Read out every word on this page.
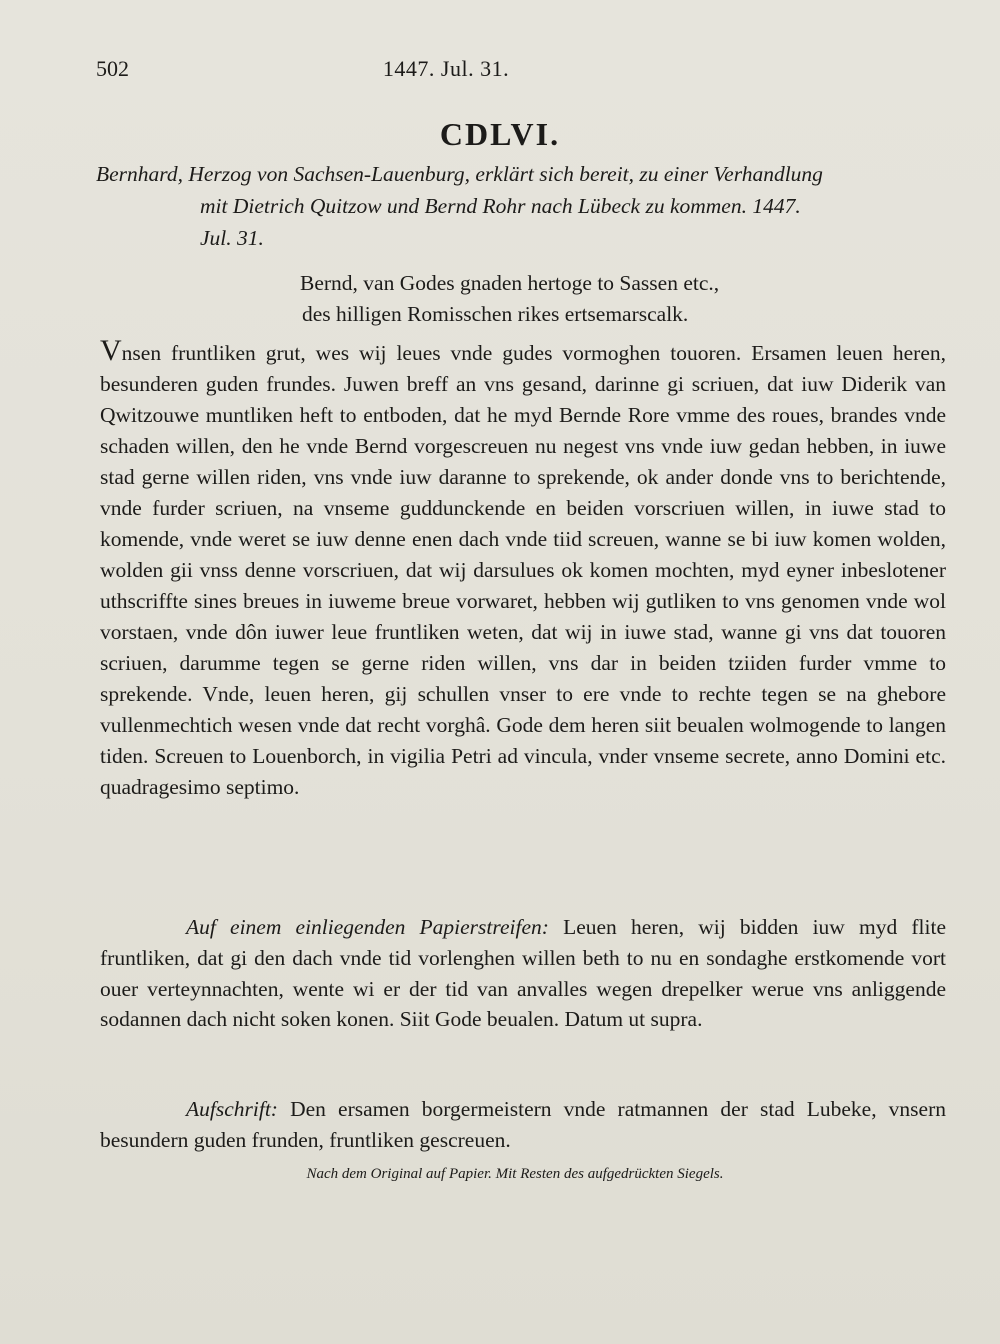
502	1447. Jul. 31.
CDLVI.
Bernhard, Herzog von Sachsen-Lauenburg, erklärt sich bereit, zu einer Verhandlung
mit Dietrich Quitzow und Bernd Rohr nach Lübeck zu kommen. 1447.
Jul. 31.
Bernd, van Godes gnaden hertoge to Sassen etc.,
des hilligen Romisschen rikes ertsemarscalk.
Vnsen fruntliken grut, wes wij leues vnde gudes vormoghen touoren. Ersamen leuen heren, besunderen guden frundes. Juwen breff an vns gesand, darinne gi scriuen, dat iuw Diderik van Qwitzouwe muntliken heft to entboden, dat he myd Bernde Rore vmme des roues, brandes vnde schaden willen, den he vnde Bernd vorgescreuen nu negest vns vnde iuw gedan hebben, in iuwe stad gerne willen riden, vns vnde iuw daranne to sprekende, ok ander donde vns to berichtende, vnde furder scriuen, na vnseme guddunckende en beiden vorscriuen willen, in iuwe stad to komende, vnde weret se iuw denne enen dach vnde tiid screuen, wanne se bi iuw komen wolden, wolden gii vnss denne vorscriuen, dat wij darsulues ok komen mochten, myd eyner inbeslotener uthscriffte sines breues in iuweme breue vorwaret, hebben wij gutliken to vns genomen vnde wol vorstaen, vnde dôn iuwer leue fruntliken weten, dat wij in iuwe stad, wanne gi vns dat touoren scriuen, darumme tegen se gerne riden willen, vns dar in beiden tziiden furder vmme to sprekende. Vnde, leuen heren, gij schullen vnser to ere vnde to rechte tegen se na ghebore vullenmechtich wesen vnde dat recht vorghâ. Gode dem heren siit beualen wolmogende to langen tiden. Screuen to Louenborch, in vigilia Petri ad vincula, vnder vnseme secrete, anno Domini etc. quadragesimo septimo.
Auf einem einliegenden Papierstreifen: Leuen heren, wij bidden iuw myd flite fruntliken, dat gi den dach vnde tid vorlenghen willen beth to nu en sondaghe erstkomende vort ouer verteynnachten, wente wi er der tid van anvalles wegen drepelker werue vns anliggende sodannen dach nicht soken konen. Siit Gode beualen. Datum ut supra.
Aufschrift: Den ersamen borgermeistern vnde ratmannen der stad Lubeke, vnsern besundern guden frunden, fruntliken gescreuen.
Nach dem Original auf Papier. Mit Resten des aufgedrückten Siegels.
